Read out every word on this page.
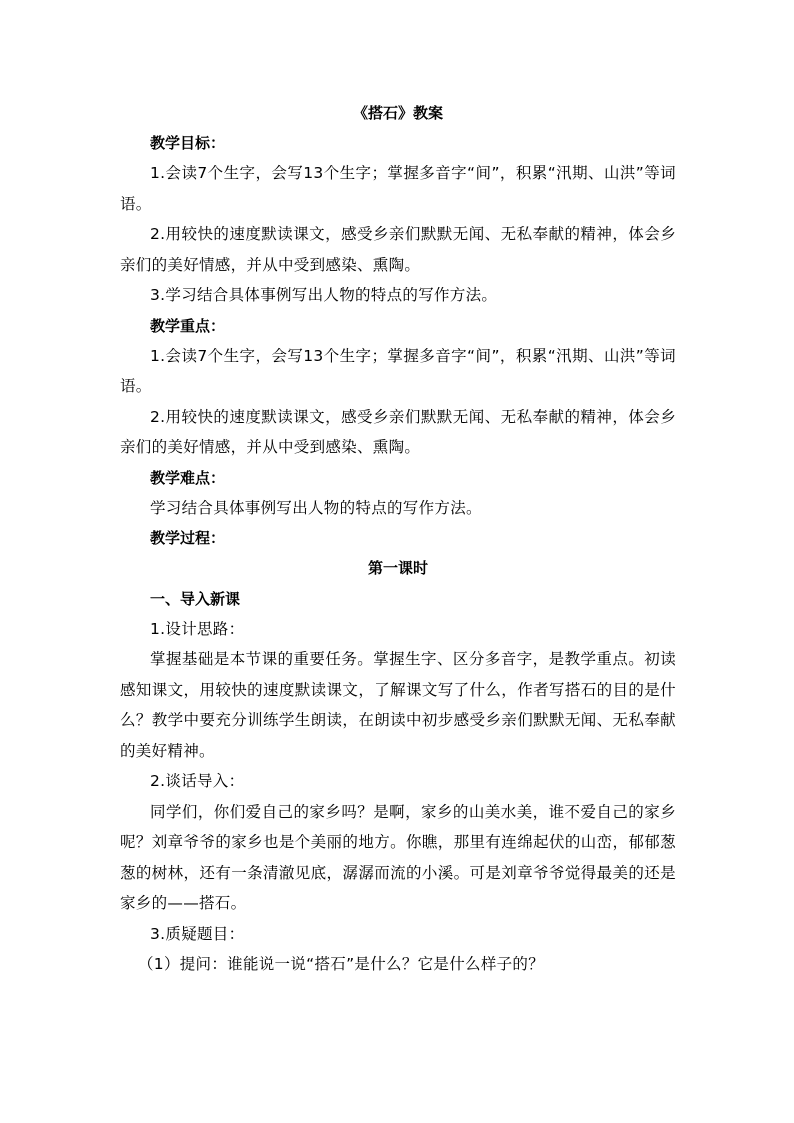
《搭石》教案

教学目标：

1.会读7个生字，会写13个生字；掌握多音字“间”，积累“汛期、山洪”等词语。

2.用较快的速度默读课文，感受乡亲们默默无闻、无私奉献的精神，体会乡亲们的美好情感，并从中受到感染、熏陶。

3.学习结合具体事例写出人物的特点的写作方法。

教学重点：

1.会读7个生字，会写13个生字；掌握多音字“间”，积累“汛期、山洪”等词语。

2.用较快的速度默读课文，感受乡亲们默默无闻、无私奉献的精神，体会乡亲们的美好情感，并从中受到感染、熏陶。

教学难点：

学习结合具体事例写出人物的特点的写作方法。

教学过程：

第一课时

一、导入新课

1.设计思路：

掌握基础是本节课的重要任务。掌握生字、区分多音字，是教学重点。初读感知课文，用较快的速度默读课文，了解课文写了什么，作者写搭石的目的是什么？教学中要充分训练学生朗读，在朗读中初步感受乡亲们默默无闻、无私奉献的美好精神。

2.谈话导入：

同学们，你们爱自己的家乡吗？是啊，家乡的山美水美，谁不爱自己的家乡呢？刘章爷爷的家乡也是个美丽的地方。你瞧，那里有连绵起伏的山峦，郁郁葱葱的树林，还有一条清澈见底，潺潺而流的小溪。可是刘章爷爷觉得最美的还是家乡的——搭石。

3.质疑题目：

（1）提问：谁能说一说“搭石”是什么？它是什么样子的？
